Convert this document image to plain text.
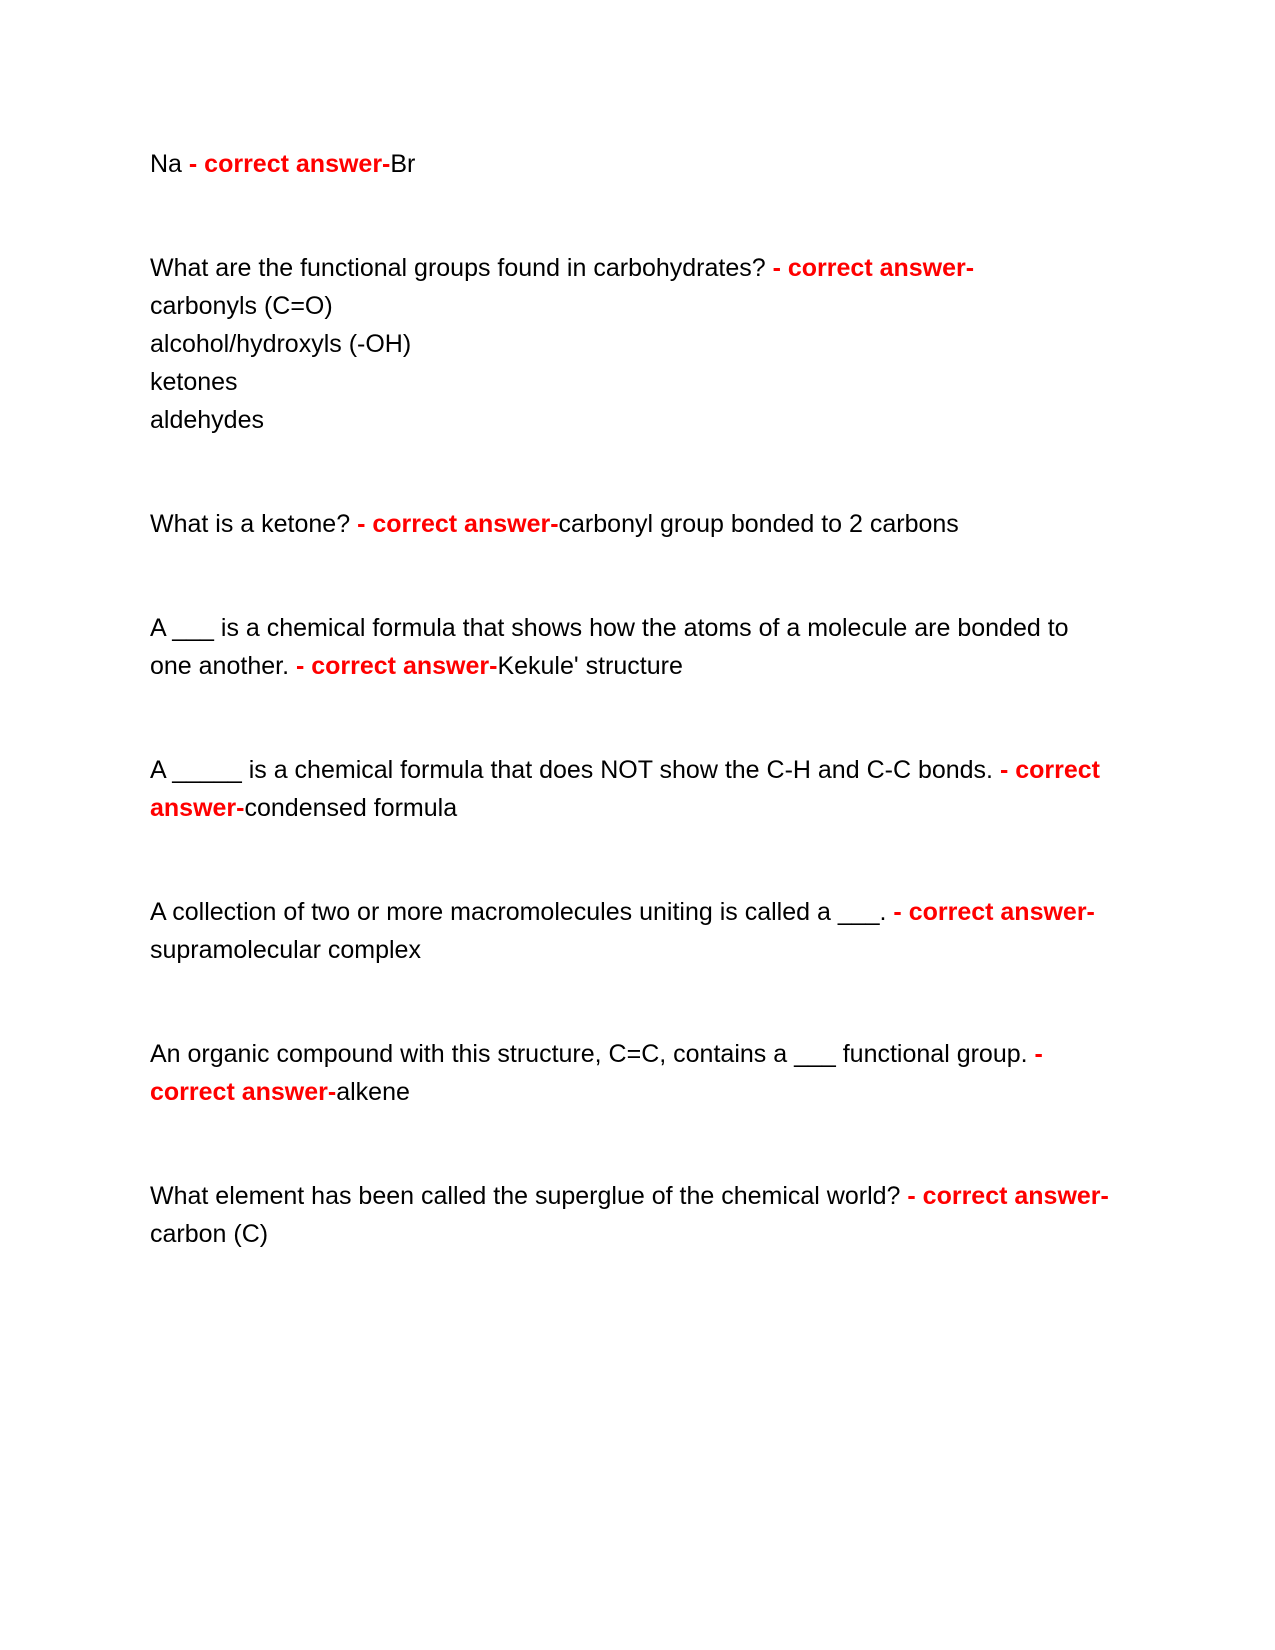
Na - correct answer-Br

What are the functional groups found in carbohydrates? - correct answer-
carbonyls (C=O)

alcohol/hydroxyls (-OH)

ketones

aldehydes

What is a ketone? - correct answer-carbonyl group bonded to 2 carbons

A ___ is a chemical formula that shows how the atoms of a molecule are bonded to one another. - correct answer-Kekule' structure

A _____ is a chemical formula that does NOT show the C-H and C-C bonds. - correct answer-condensed formula

A collection of two or more macromolecules uniting is called a ___. - correct answer-supramolecular complex

An organic compound with this structure, C=C, contains a ___ functional group. - correct answer-alkene

What element has been called the superglue of the chemical world? - correct answer-carbon (C)
